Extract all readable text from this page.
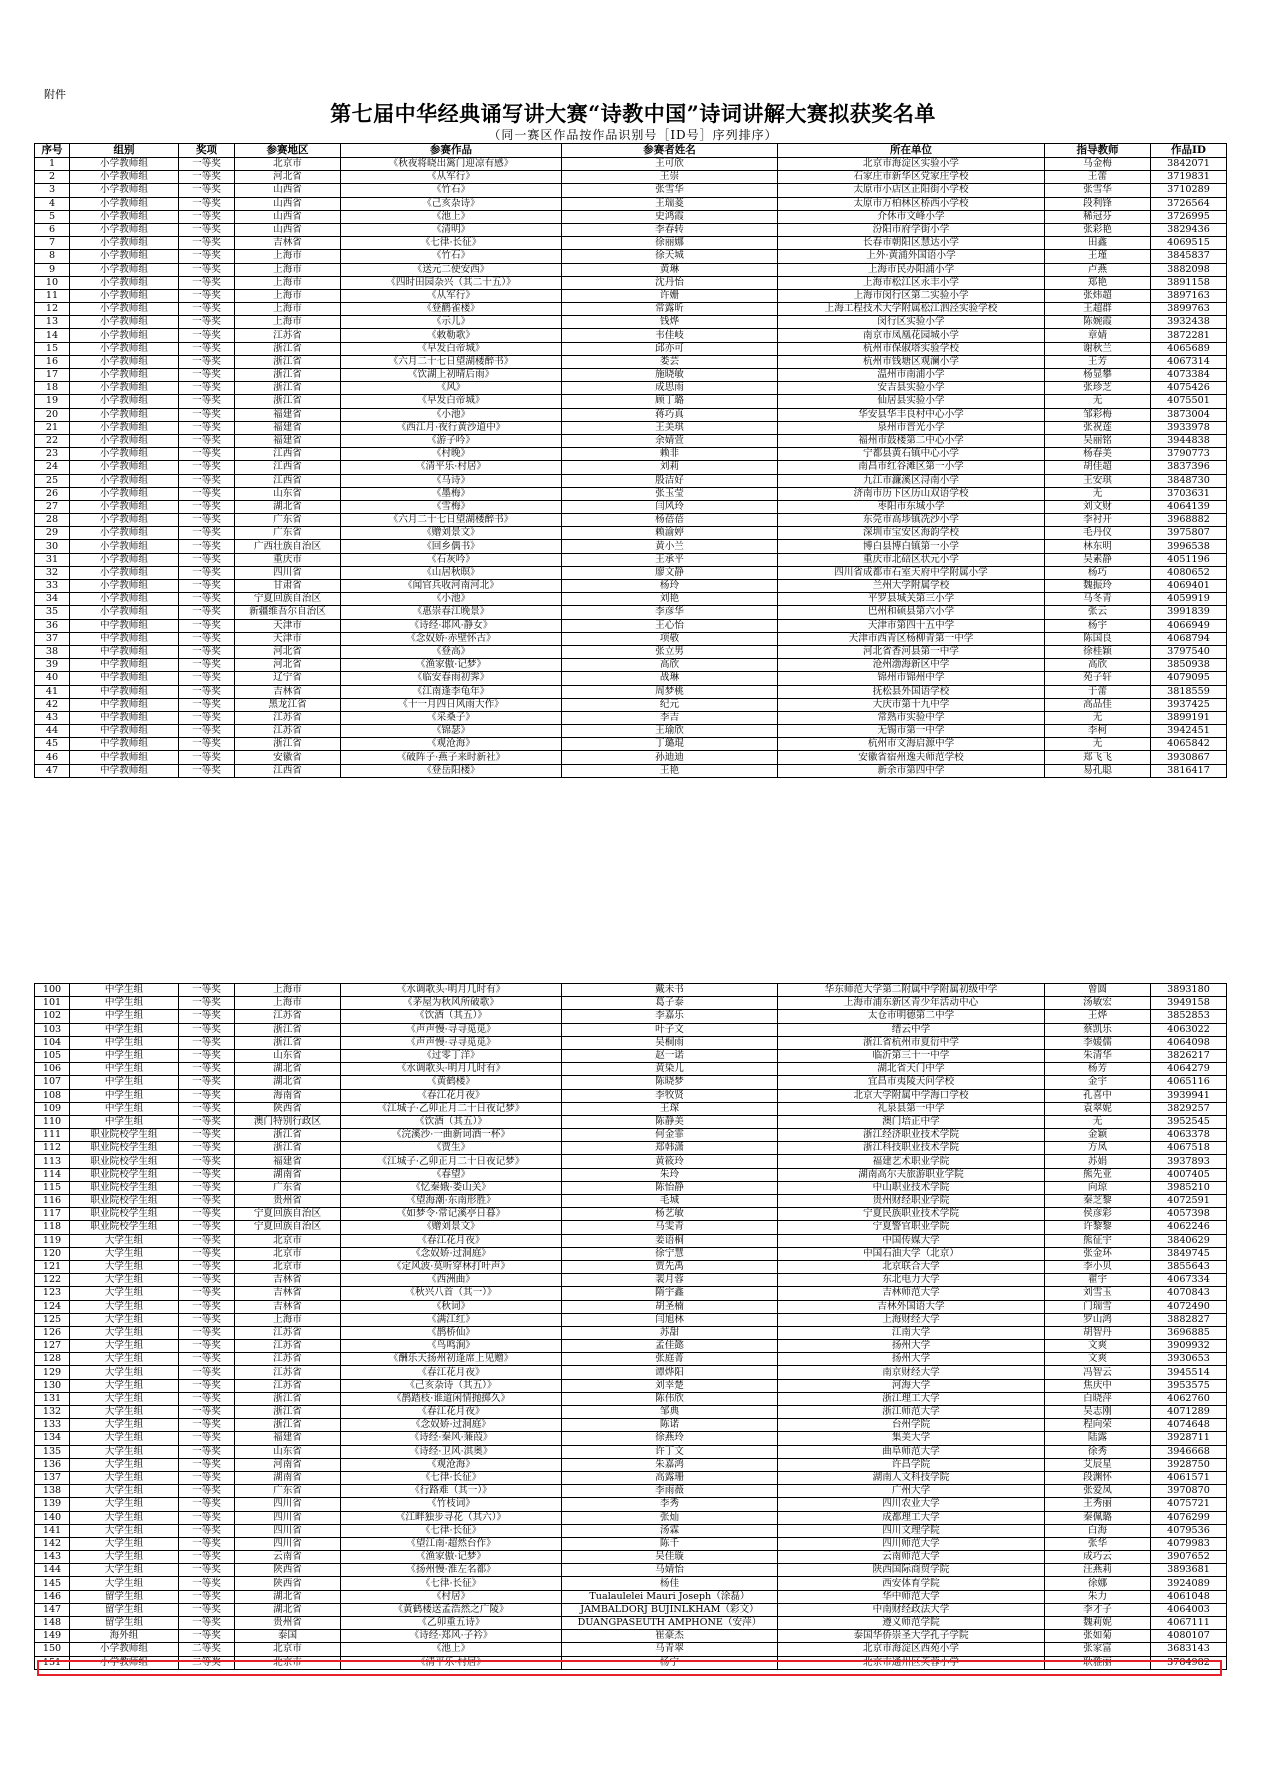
附件
第七届中华经典诵写讲大赛“诗教中国”诗词讲解大赛拟获奖名单
（同一赛区作品按作品识别号［ID号］序列排序）
序号	组别	奖项	参赛地区	参赛作品	参赛者姓名	所在单位	指导教师	作品ID
1	小学教师组	一等奖	北京市	《秋夜将晓出篱门迎凉有感》	王可欣	北京市海淀区实验小学	马金梅	3842071
2	小学教师组	一等奖	河北省	《从军行》	王崇	石家庄市新华区党家庄学校	王蕾	3719831
3	小学教师组	一等奖	山西省	《竹石》	张雪华	太原市小店区正阳街小学校	张雪华	3710289
4	小学教师组	一等奖	山西省	《己亥杂诗》	王瑞菱	太原市万柏林区桥西小学校	段利锋	3726564
5	小学教师组	一等奖	山西省	《池上》	史鸿霞	介休市文峰小学	稀冠芬	3726995
6	小学教师组	一等奖	山西省	《清明》	李春转	汾阳市府学街小学	张彩艳	3829436
7	小学教师组	一等奖	吉林省	《七律·长征》	徐丽娜	长春市朝阳区慧达小学	田鑫	4069515
8	小学教师组	一等奖	上海市	《竹石》	徐天城	上外·黄浦外国语小学	王瑾	3845837
9	小学教师组	一等奖	上海市	《送元二使安西》	黄琳	上海市民办阳浦小学	卢燕	3882098
10	小学教师组	一等奖	上海市	《四时田园杂兴（其二十五）》	沈丹怡	上海市松江区永丰小学	郑艳	3891158
11	小学教师组	一等奖	上海市	《从军行》	许姗	上海市闵行区第二实验小学	张炜超	3897163
12	小学教师组	一等奖	上海市	《登鹳雀楼》	常露昕	上海工程技术大学附属松江泗泾实验学校	王超群	3899763
13	小学教师组	一等奖	上海市	《示儿》	钱烨	闵行区实验小学	陈婉霞	3932438
14	小学教师组	一等奖	江苏省	《敕勒歌》	韦佳岐	南京市凤凰花园城小学	章婧	3872281
15	小学教师组	一等奖	浙江省	《早发白帝城》	邱亦可	杭州市保俶塔实验学校	谢秋兰	4065689
16	小学教师组	一等奖	浙江省	《六月二十七日望湖楼醉书》	娄芸	杭州市钱塘区观澜小学	王芳	4067314
17	小学教师组	一等奖	浙江省	《饮湖上初晴后雨》	施晓敏	温州市南浦小学	杨显攀	4073384
18	小学教师组	一等奖	浙江省	《风》	成思雨	安吉县实验小学	张珍芝	4075426
19	小学教师组	一等奖	浙江省	《早发白帝城》	顾丁璐	仙居县实验小学	无	4075501
20	小学教师组	一等奖	福建省	《小池》	蒋巧真	华安县华丰良村中心小学	邹彩梅	3873004
21	小学教师组	一等奖	福建省	《西江月·夜行黄沙道中》	王美琪	泉州市晋光小学	张祝莲	3933978
22	小学教师组	一等奖	福建省	《游子吟》	余婧萱	福州市鼓楼第二中心小学	吴丽铭	3944838
23	小学教师组	一等奖	江西省	《村晚》	赖非	宁都县黄石镇中心小学	杨春美	3790773
24	小学教师组	一等奖	江西省	《清平乐·村居》	刘莉	南昌市红谷滩区第一小学	胡佳超	3837396
25	小学教师组	一等奖	江西省	《马诗》	殷洁好	九江市濂溪区浔南小学	王安琪	3848730
26	小学教师组	一等奖	山东省	《墨梅》	张玉莹	济南市历下区历山双语学校	无	3703631
27	小学教师组	一等奖	湖北省	《雪梅》	闫风玲	枣阳市东城小学	刘文财	4064139
28	小学教师组	一等奖	广东省	《六月二十七日望湖楼醉书》	杨蓓蓓	东莞市高埗镇冼沙小学	李衬开	3968882
29	小学教师组	一等奖	广东省	《赠刘景文》	赖渝婷	深圳市宝安区海韵学校	毛丹仪	3975807
30	小学教师组	一等奖	广西壮族自治区	《回乡偶书》	黄小兰	博白县博白镇第一小学	林东明	3996538
31	小学教师组	一等奖	重庆市	《石灰吟》	王承平	重庆市北碚区状元小学	吴素静	4051196
32	小学教师组	一等奖	四川省	《山居秋暝》	廖文静	四川省成都市石室天府中学附属小学	杨巧	4080652
33	小学教师组	一等奖	甘肃省	《闻官兵收河南河北》	杨玲	兰州大学附属学校	魏振玲	4069401
34	小学教师组	一等奖	宁夏回族自治区	《小池》	刘艳	平罗县城关第三小学	马冬青	4059919
35	小学教师组	一等奖	新疆维吾尔自治区	《惠崇春江晚景》	李彦华	巴州和硕县第六小学	张云	3991839
36	中学教师组	一等奖	天津市	《诗经·邶风·静女》	王心怡	天津市第四十五中学	杨宇	4066949
37	中学教师组	一等奖	天津市	《念奴娇·赤壁怀古》	项敬	天津市西青区杨柳青第一中学	陈国良	4068794
38	中学教师组	一等奖	河北省	《登高》	张立男	河北省香河县第一中学	徐桂颖	3797540
39	中学教师组	一等奖	河北省	《渔家傲·记梦》	高欣	沧州渤海新区中学	高欣	3850938
40	中学教师组	一等奖	辽宁省	《临安春雨初霁》	战琳	锦州市锦州中学	苑子轩	4079095
41	中学教师组	一等奖	吉林省	《江南逢李龟年》	周梦桃	抚松县外国语学校	于蕾	3818559
42	中学教师组	一等奖	黑龙江省	《十一月四日风雨大作》	纪元	大庆市第十九中学	高品佳	3937425
43	中学教师组	一等奖	江苏省	《采桑子》	李吉	常熟市实验中学	无	3899191
44	中学教师组	一等奖	江苏省	《锦瑟》	王瑜欣	无锡市第一中学	李柯	3942451
45	中学教师组	一等奖	浙江省	《观沧海》	丁璐琨	杭州市文海启源中学	无	4065842
46	中学教师组	一等奖	安徽省	《破阵子·燕子来时新社》	孙迪迪	安徽省宿州逸夫师范学校	郑飞飞	3930867
47	中学教师组	一等奖	江西省	《登岳阳楼》	王艳	新余市第四中学	易孔聪	3816417
100	中学生组	一等奖	上海市	《水调歌头·明月几时有》	戴未书	华东师范大学第二附属中学附属初级中学	曾圆	3893180
101	中学生组	一等奖	上海市	《茅屋为秋风所破歌》	葛子泰	上海市浦东新区青少年活动中心	汤敏宏	3949158
102	中学生组	一等奖	江苏省	《饮酒（其五）》	李嘉乐	太仓市明德第二中学	王烨	3852853
103	中学生组	一等奖	浙江省	《声声慢·寻寻觅觅》	叶子文	缙云中学	蔡凯乐	4063022
104	中学生组	一等奖	浙江省	《声声慢·寻寻觅觅》	吴桐雨	浙江省杭州市夏衍中学	李媛儒	4064098
105	中学生组	一等奖	山东省	《过零丁洋》	赵一诺	临沂第三十一中学	朱清华	3826217
106	中学生组	一等奖	湖北省	《水调歌头·明月几时有》	黄染儿	湖北省天门中学	杨芳	4064279
107	中学生组	一等奖	湖北省	《黄鹤楼》	陈晓梦	宜昌市夷陵天问学校	金宇	4065116
108	中学生组	一等奖	海南省	《春江花月夜》	李牧贤	北京大学附属中学海口学校	孔喜中	3939941
109	中学生组	一等奖	陕西省	《江城子·乙卯正月二十日夜记梦》	王琛	礼泉县第一中学	袁翠妮	3829257
110	中学生组	一等奖	澳门特别行政区	《饮酒（其五）》	陈静美	澳门培正中学	无	3952545
111	职业院校学生组	一等奖	浙江省	《浣溪沙·一曲新词酒一杯》	何金霏	浙江经济职业技术学院	金颖	4063378
112	职业院校学生组	一等奖	浙江省	《贾生》	郑韩潇	浙江科技职业技术学院	方凤	4067518
113	职业院校学生组	一等奖	福建省	《江城子·乙卯正月二十日夜记梦》	黄筱玲	福建艺术职业学院	苏娟	3937893
114	职业院校学生组	一等奖	湖南省	《春望》	朱玲	湖南高尔夫旅游职业学院	熊先亚	4007405
115	职业院校学生组	一等奖	广东省	《忆秦娥·娄山关》	陈怡静	中山职业技术学院	向琼	3985210
116	职业院校学生组	一等奖	贵州省	《望海潮·东南形胜》	毛城	贵州财经职业学院	秦芝黎	4072591
117	职业院校学生组	一等奖	宁夏回族自治区	《如梦令·常记溪亭日暮》	杨艺敏	宁夏民族职业技术学院	侯彦彩	4057398
118	职业院校学生组	一等奖	宁夏回族自治区	《赠刘景文》	马雯青	宁夏警官职业学院	许黎黎	4062246
119	大学生组	一等奖	北京市	《春江花月夜》	姜语桐	中国传媒大学	熊征宇	3840629
120	大学生组	一等奖	北京市	《念奴娇·过洞庭》	徐宁慧	中国石油大学（北京）	张金环	3849745
121	大学生组	一等奖	北京市	《定风波·莫听穿林打叶声》	贾先禹	北京联合大学	李小贝	3855643
122	大学生组	一等奖	吉林省	《西洲曲》	裴月蓉	东北电力大学	翟宇	4067334
123	大学生组	一等奖	吉林省	《秋兴八首（其一）》	隋宇鑫	吉林师范大学	刘雪玉	4070843
124	大学生组	一等奖	吉林省	《秋词》	胡圣楠	吉林外国语大学	门瑞雪	4072490
125	大学生组	一等奖	上海市	《满江红》	闫旭林	上海财经大学	罗山鸿	3882827
126	大学生组	一等奖	江苏省	《鹊桥仙》	苏甜	江南大学	胡智丹	3696885
127	大学生组	一等奖	江苏省	《鸟鸣涧》	孟佳懿	扬州大学	文爽	3909932
128	大学生组	一等奖	江苏省	《酬乐天扬州初逢席上见赠》	张庭菁	扬州大学	文爽	3930653
129	大学生组	一等奖	江苏省	《春江花月夜》	谭烨阳	南京财经大学	冯智云	3945514
130	大学生组	一等奖	江苏省	《己亥杂诗（其五）》	刘幸楚	河海大学	焦庆中	3953575
131	大学生组	一等奖	浙江省	《鹊踏枝·谁道闲情抛掷久》	陈伟欣	浙江理工大学	白晓萍	4062760
132	大学生组	一等奖	浙江省	《春江花月夜》	邹典	浙江师范大学	吴志刚	4071289
133	大学生组	一等奖	浙江省	《念奴娇·过洞庭》	陈诺	台州学院	程向荣	4074648
134	大学生组	一等奖	福建省	《诗经·秦风·蒹葭》	徐燕玲	集美大学	陆露	3928711
135	大学生组	一等奖	山东省	《诗经·卫风·淇奥》	许丁文	曲阜师范大学	徐秀	3946668
136	大学生组	一等奖	河南省	《观沧海》	朱嘉鸿	许昌学院	艾辰星	3928750
137	大学生组	一等奖	湖南省	《七律·长征》	高露珊	湖南人文科技学院	段渊怀	4061571
138	大学生组	一等奖	广东省	《行路难（其一）》	李雨薇	广州大学	张爱凤	3970870
139	大学生组	一等奖	四川省	《竹枝词》	李秀	四川农业大学	王秀丽	4075721
140	大学生组	一等奖	四川省	《江畔独步寻花（其六）》	张灿	成都理工大学	秦佩璐	4076299
141	大学生组	一等奖	四川省	《七律·长征》	汤霖	四川文理学院	白海	4079536
142	大学生组	一等奖	四川省	《望江南·超然台作》	陈千	四川师范大学	张华	4079983
143	大学生组	一等奖	云南省	《渔家傲·记梦》	吴佳璇	云南师范大学	成巧云	3907652
144	大学生组	一等奖	陕西省	《扬州慢·淮左名都》	马婧怡	陕西国际商贸学院	汪燕莉	3893681
145	大学生组	一等奖	陕西省	《七律·长征》	杨佳	西安体育学院	徐娜	3924089
146	留学生组	一等奖	湖北省	《村居》	Tualaulelei Mauri Joseph（涂磊）	华中师范大学	朱力	4061048
147	留学生组	一等奖	湖北省	《黄鹤楼送孟浩然之广陵》	JAMBALDORJ BUJINLKHAM（彩文）	中南财经政法大学	李才子	4064003
148	留学生组	一等奖	贵州省	《乙卯重五诗》	DUANGPASEUTH AMPHONE（安萍）	遵义师范学院	魏莉妮	4067111
149	海外组	一等奖	泰国	《诗经·郑风·子衿》	崔豪杰	泰国华侨崇圣大学孔子学院	张如菊	4080107
150	小学教师组	二等奖	北京市	《池上》	马青翠	北京市海淀区西苑小学	张家富	3683143
151	小学教师组	二等奖	北京市	《清平乐·村居》	杨宁	北京市通州区芙蓉小学	耿雅丽	3784982
